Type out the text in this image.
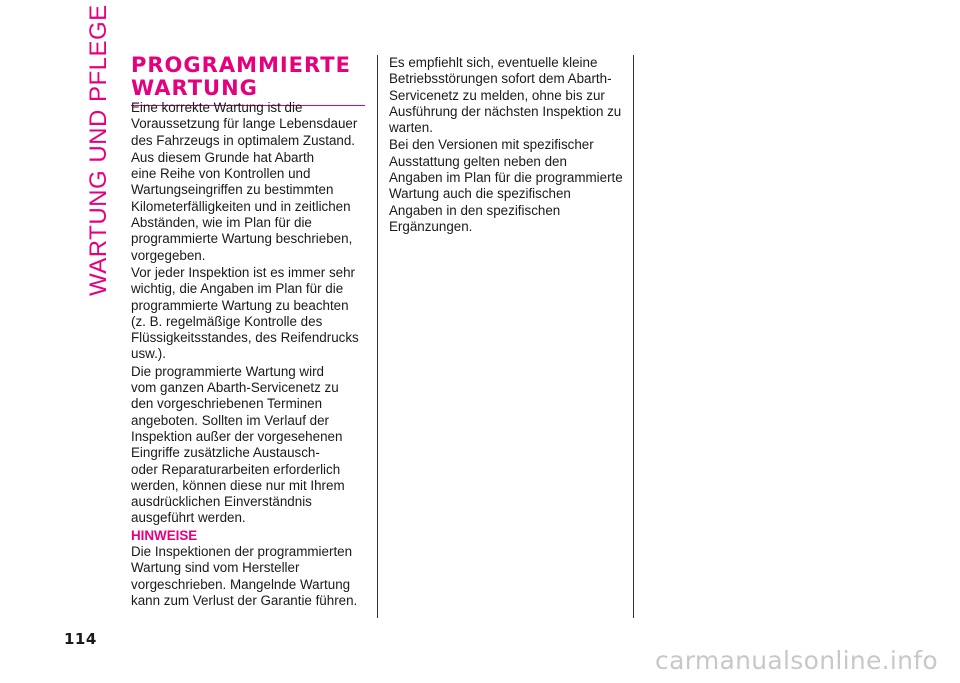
WARTUNG UND PFLEGE PROGRAMMIERTE
WARTUNG
Eine korrekte Wartung ist die
Voraussetzung für lange Lebensdauer
des Fahrzeugs in optimalem Zustand.
Aus diesem Grunde hat Abarth
eine Reihe von Kontrollen und
Wartungseingriffen zu bestimmten
Kilometerfälligkeiten und in zeitlichen
Abständen, wie im Plan für die
programmierte Wartung beschrieben,
vorgegeben.
Vor jeder Inspektion ist es immer sehr
wichtig, die Angaben im Plan für die
programmierte Wartung zu beachten
(z. B. regelmäßige Kontrolle des
Flüssigkeitsstandes, des Reifendrucks
usw.).
Die programmierte Wartung wird
vom ganzen Abarth-Servicenetz zu
den vorgeschriebenen Terminen
angeboten. Sollten im Verlauf der
Inspektion außer der vorgesehenen
Eingriffe zusätzliche Austausch-
oder Reparaturarbeiten erforderlich
werden, können diese nur mit Ihrem
ausdrücklichen Einverständnis
ausgeführt werden.
HINWEISE
Die Inspektionen der programmierten
Wartung sind vom Hersteller
vorgeschrieben. Mangelnde Wartung
kann zum Verlust der Garantie führen.
Es empfiehlt sich, eventuelle kleine
Betriebsstörungen sofort dem Abarth-
Servicenetz zu melden, ohne bis zur
Ausführung der nächsten Inspektion zu
warten.
Bei den Versionen mit spezifischer
Ausstattung gelten neben den
Angaben im Plan für die programmierte
Wartung auch die spezifischen
Angaben in den spezifischen
Ergänzungen.
114
carmanualsonline.info
